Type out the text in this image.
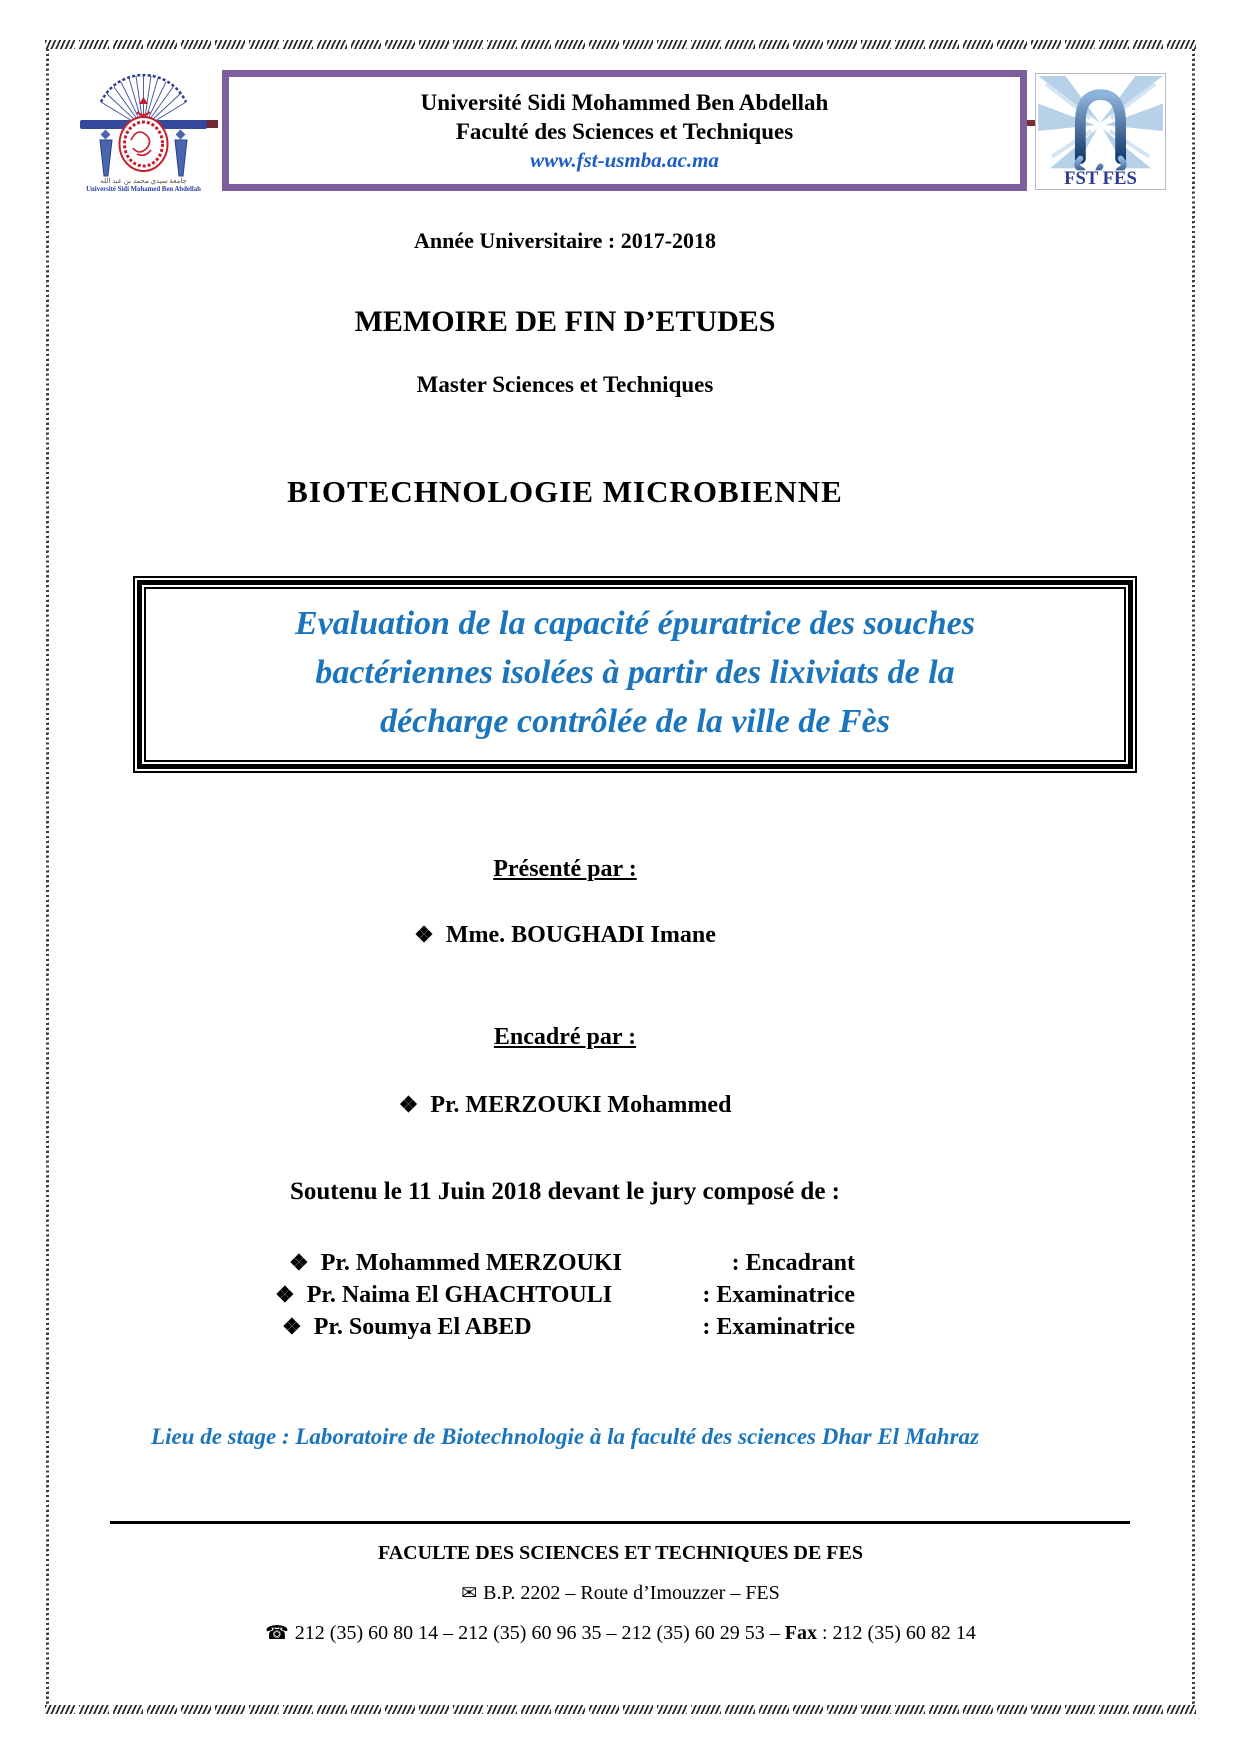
جامعة سيدي محمد بن عبد الله
Université Sidi Mohamed Ben Abdellah
Université Sidi Mohammed Ben Abdellah
Faculté des Sciences et Techniques
www.fst-usmba.ac.ma
FST FES
Année Universitaire : 2017-2018
MEMOIRE DE FIN D’ETUDES
Master Sciences et Techniques
BIOTECHNOLOGIE MICROBIENNE
Evaluation de la capacité épuratrice des souches
bactériennes isolées à partir des lixiviats de la
décharge contrôlée de la ville de Fès
Présenté par :
❖ Mme. BOUGHADI Imane
Encadré par :
❖ Pr. MERZOUKI Mohammed
Soutenu le 11 Juin 2018 devant le jury composé de :
❖ Pr. Mohammed MERZOUKI	: Encadrant
❖ Pr. Naima El GHACHTOULI	: Examinatrice
❖ Pr. Soumya El ABED	: Examinatrice
Lieu de stage : Laboratoire de Biotechnologie à la faculté des sciences Dhar El Mahraz
FACULTE DES SCIENCES ET TECHNIQUES DE FES
✉ B.P. 2202 – Route d’Imouzzer – FES
☎ 212 (35) 60 80 14 – 212 (35) 60 96 35 – 212 (35) 60 29 53 – Fax : 212 (35) 60 82 14
